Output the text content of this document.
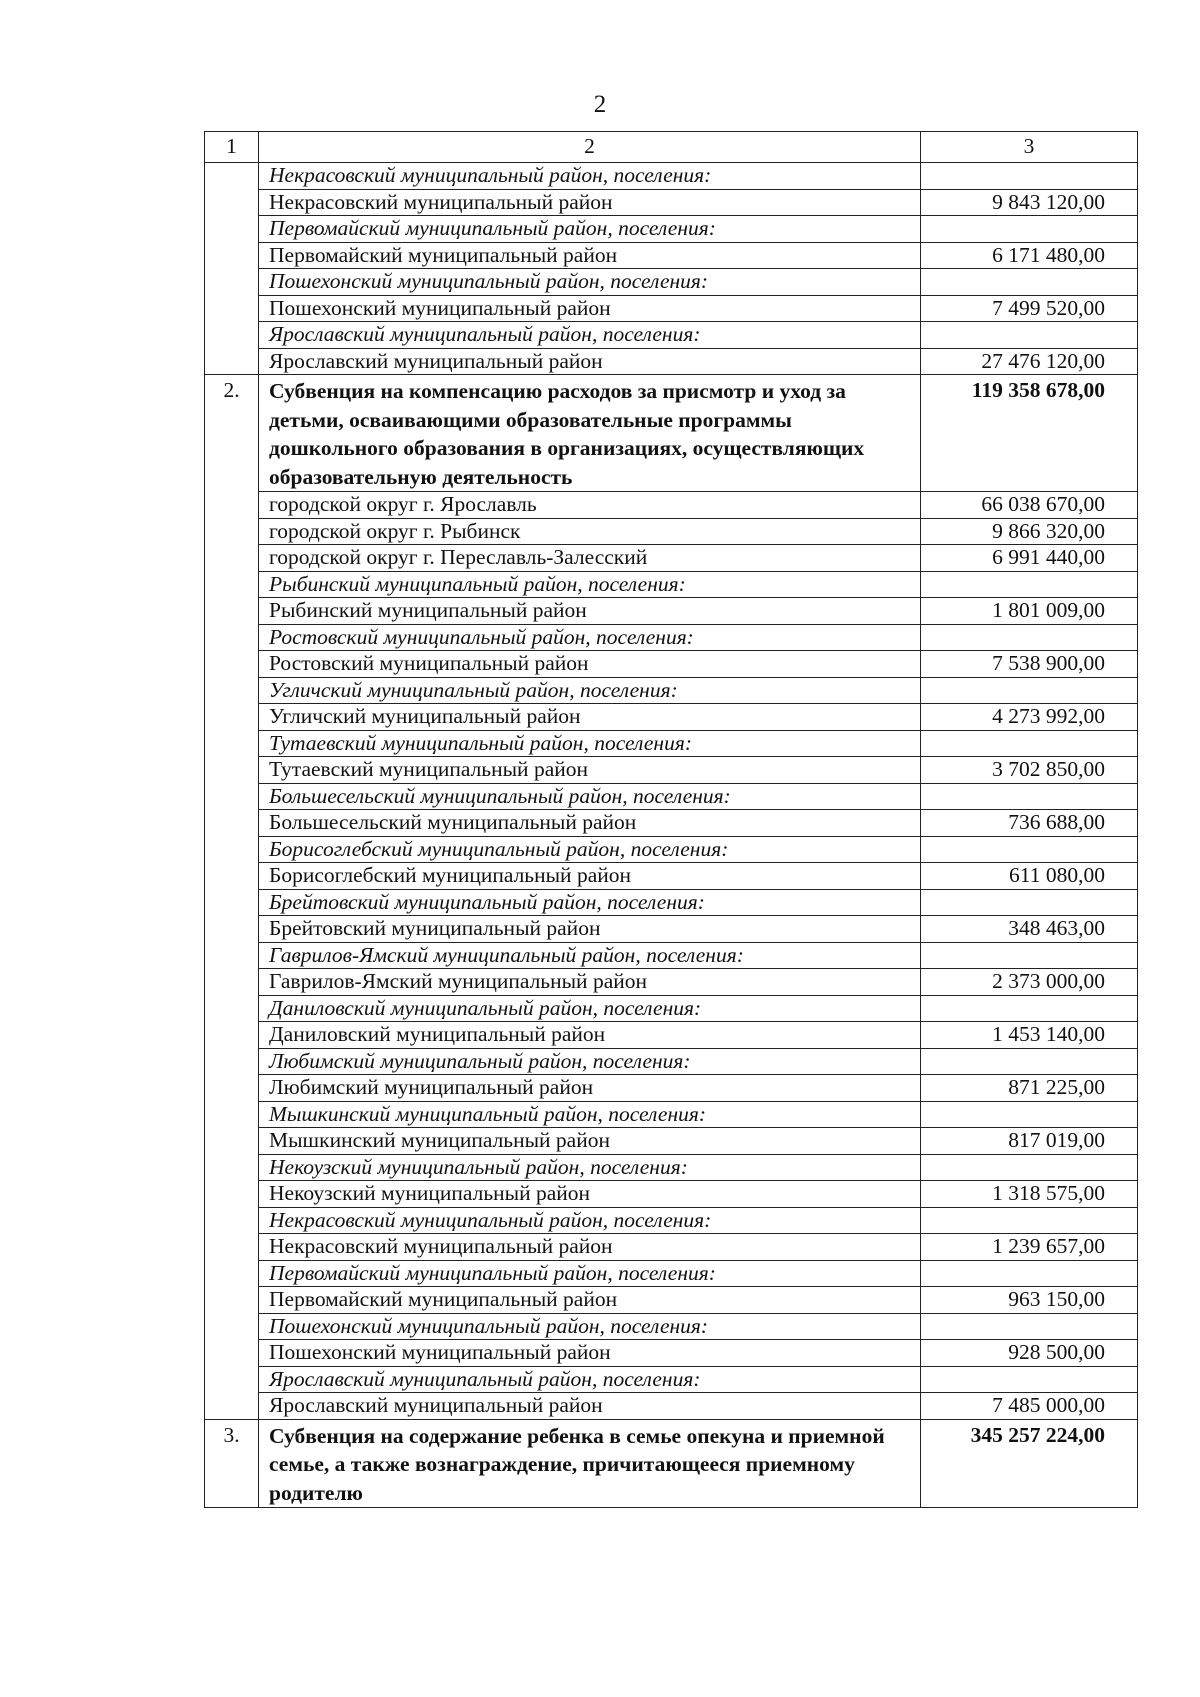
2
1	2	3
	Некрасовский муниципальный район, поселения:	
	Некрасовский муниципальный район	9 843 120,00
	Первомайский муниципальный район, поселения:	
	Первомайский муниципальный район	6 171 480,00
	Пошехонский муниципальный район, поселения:	
	Пошехонский муниципальный район	7 499 520,00
	Ярославский муниципальный район, поселения:	
	Ярославский муниципальный район	27 476 120,00
2.	Субвенция на компенсацию расходов за присмотр и уход за детьми, осваивающими образовательные программы дошкольного образования в организациях, осуществляющих образовательную деятельность	119 358 678,00
	городской округ г. Ярославль	66 038 670,00
	городской округ г. Рыбинск	9 866 320,00
	городской округ г. Переславль-Залесский	6 991 440,00
	Рыбинский муниципальный район, поселения:	
	Рыбинский муниципальный район	1 801 009,00
	Ростовский муниципальный район, поселения:	
	Ростовский муниципальный район	7 538 900,00
	Угличский муниципальный район, поселения:	
	Угличский муниципальный район	4 273 992,00
	Тутаевский муниципальный район, поселения:	
	Тутаевский муниципальный район	3 702 850,00
	Большесельский муниципальный район, поселения:	
	Большесельский муниципальный район	736 688,00
	Борисоглебский муниципальный район, поселения:	
	Борисоглебский муниципальный район	611 080,00
	Брейтовский муниципальный район, поселения:	
	Брейтовский муниципальный район	348 463,00
	Гаврилов-Ямский муниципальный район, поселения:	
	Гаврилов-Ямский муниципальный район	2 373 000,00
	Даниловский муниципальный район, поселения:	
	Даниловский муниципальный район	1 453 140,00
	Любимский муниципальный район, поселения:	
	Любимский муниципальный район	871 225,00
	Мышкинский муниципальный район, поселения:	
	Мышкинский муниципальный район	817 019,00
	Некоузский муниципальный район, поселения:	
	Некоузский муниципальный район	1 318 575,00
	Некрасовский муниципальный район, поселения:	
	Некрасовский муниципальный район	1 239 657,00
	Первомайский муниципальный район, поселения:	
	Первомайский муниципальный район	963 150,00
	Пошехонский муниципальный район, поселения:	
	Пошехонский муниципальный район	928 500,00
	Ярославский муниципальный район, поселения:	
	Ярославский муниципальный район	7 485 000,00
3.	Субвенция на содержание ребенка в семье опекуна и приемной семье, а также вознаграждение, причитающееся приемному родителю	345 257 224,00
